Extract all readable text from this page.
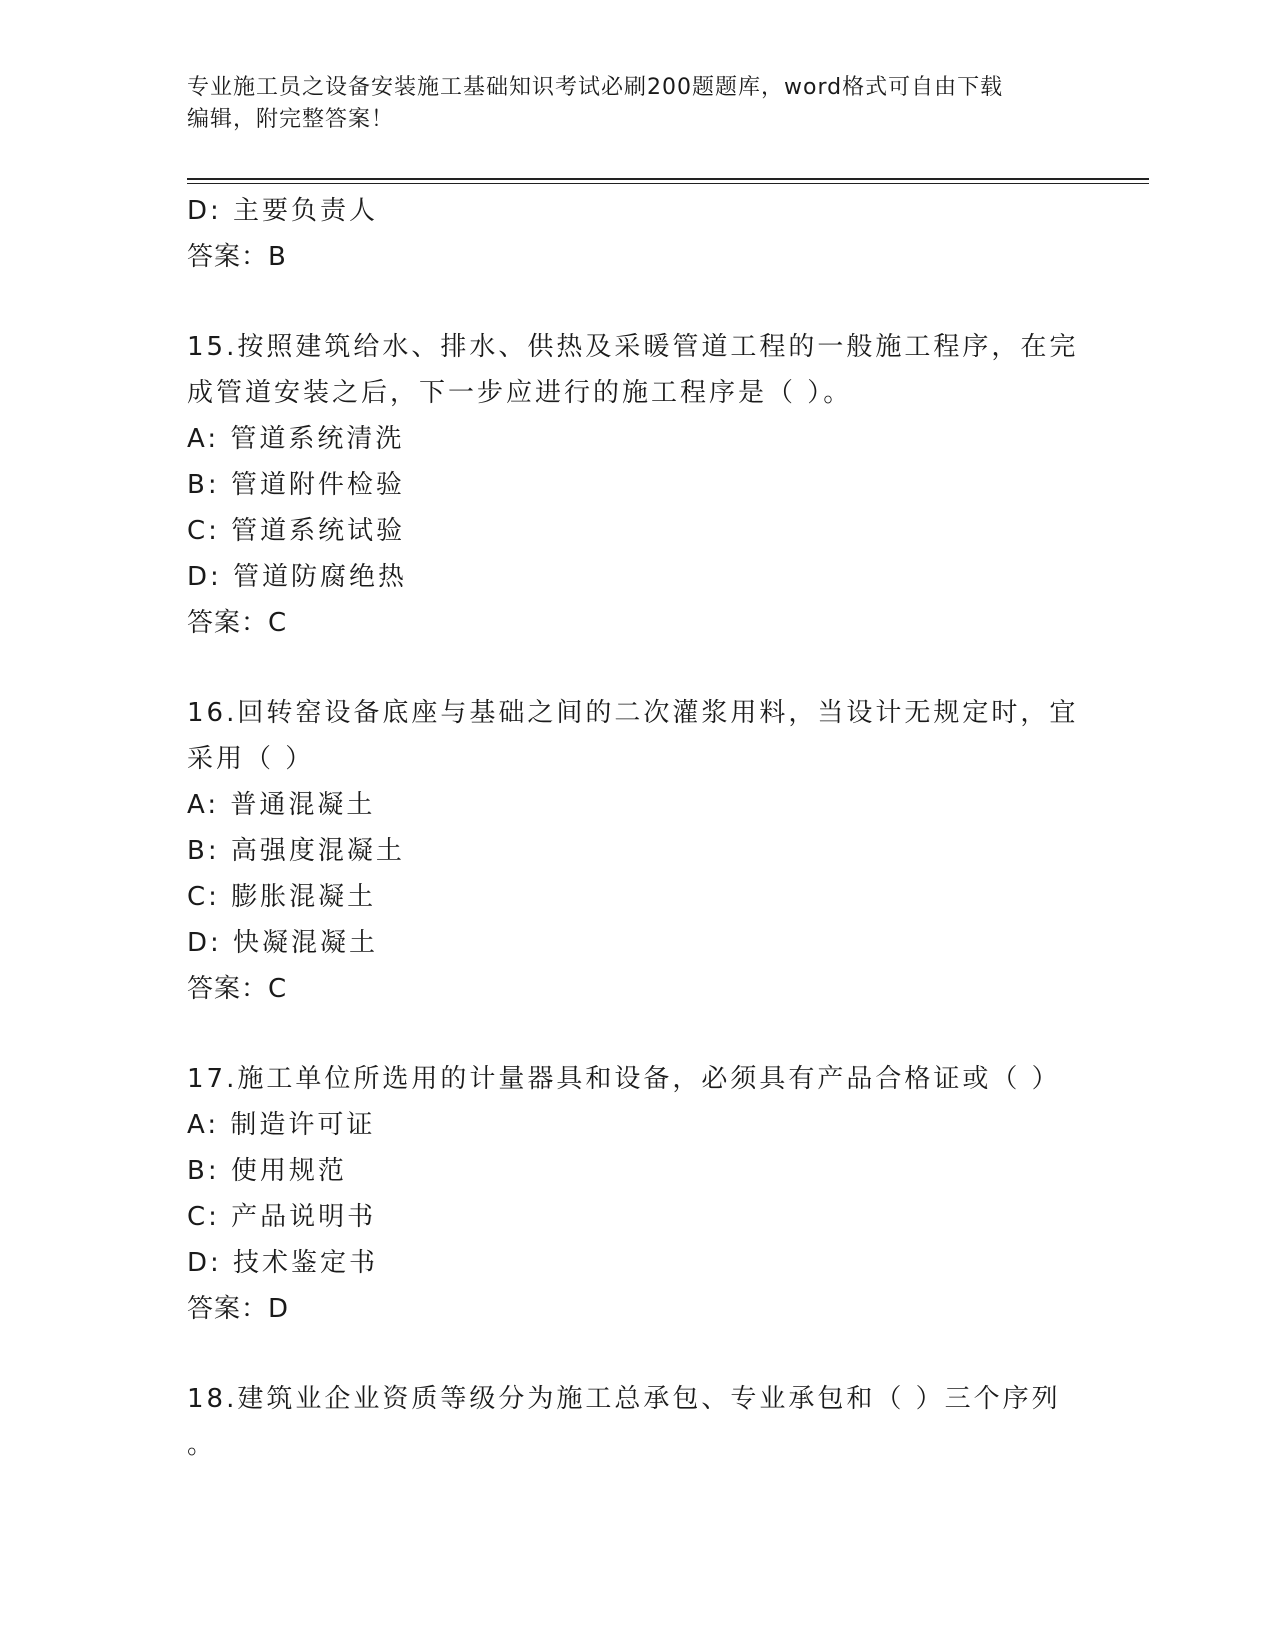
专业施工员之设备安装施工基础知识考试必刷200题题库，word格式可自由下载
编辑，附完整答案！
D: 主要负责人
答案：B
15.按照建筑给水、排水、供热及采暖管道工程的一般施工程序，在完
成管道安装之后，下一步应进行的施工程序是（ ）。
A: 管道系统清洗
B: 管道附件检验
C: 管道系统试验
D: 管道防腐绝热
答案：C
16.回转窑设备底座与基础之间的二次灌浆用料，当设计无规定时，宜
采用（ ）
A: 普通混凝土
B: 高强度混凝土
C: 膨胀混凝土
D: 快凝混凝土
答案：C
17.施工单位所选用的计量器具和设备，必须具有产品合格证或（ ）
A: 制造许可证
B: 使用规范
C: 产品说明书
D: 技术鉴定书
答案：D
18.建筑业企业资质等级分为施工总承包、专业承包和（ ）三个序列
。
